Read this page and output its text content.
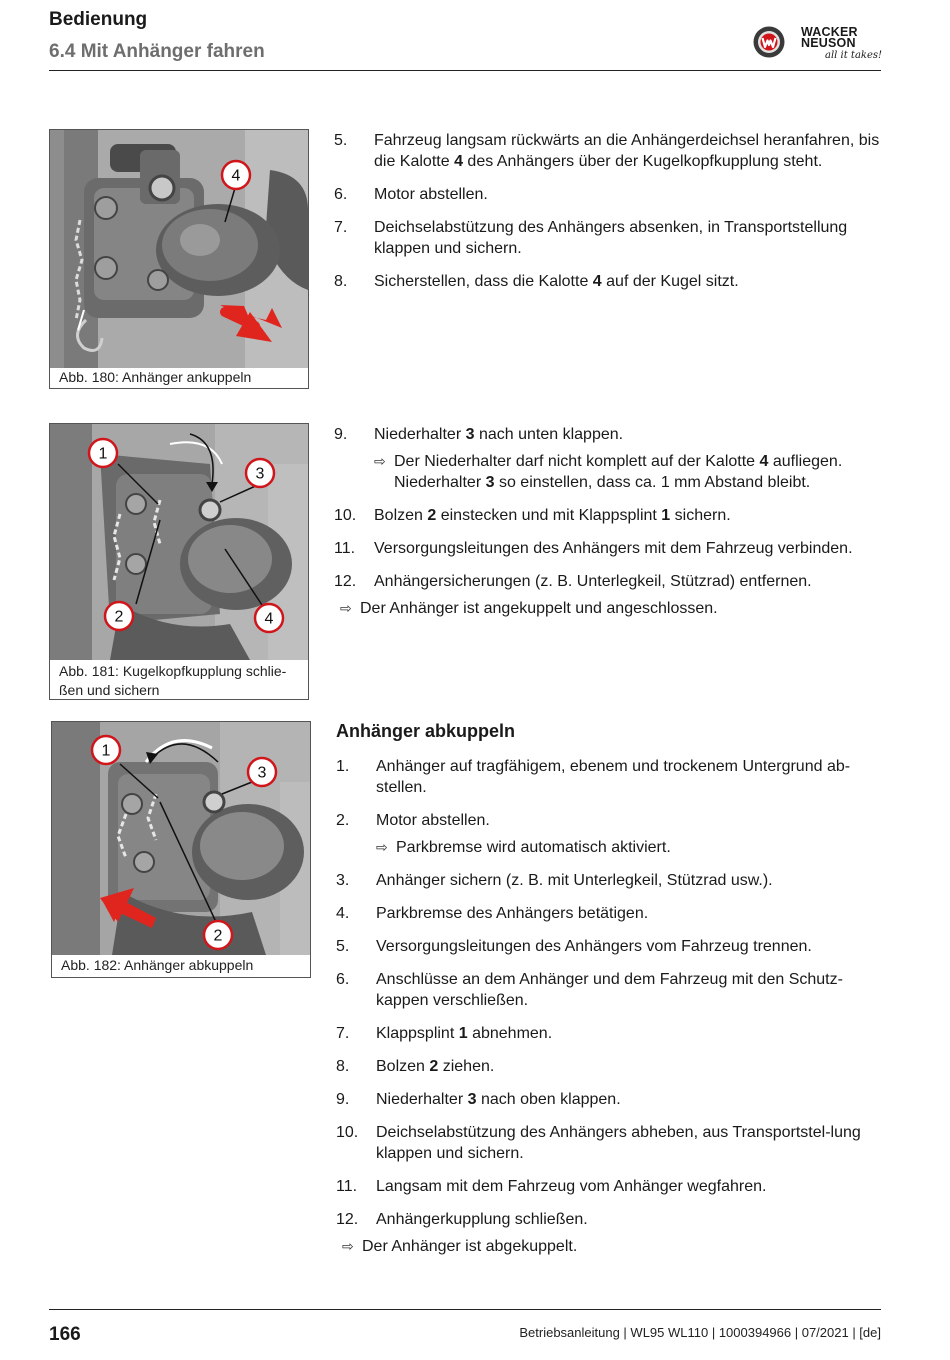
Bedienung
6.4 Mit Anhänger fahren
WACKER
NEUSON
all it takes!
4
Abb. 180: Anhänger ankuppeln
1
3
2	4
Abb. 181: Kugelkopfkupplung schlie-
ßen und sichern
1
3
2
Abb. 182: Anhänger abkuppeln
5. Fahrzeug langsam rückwärts an die Anhängerdeichsel heranfahren, bis die Kalotte 4 des Anhängers über der Kugelkopfkupplung steht.
6. Motor abstellen.
7. Deichselabstützung des Anhängers absenken, in Transportstellung klappen und sichern.
8. Sicherstellen, dass die Kalotte 4 auf der Kugel sitzt.
9. Niederhalter 3 nach unten klappen.
⇨ Der Niederhalter darf nicht komplett auf der Kalotte 4 aufliegen. Niederhalter 3 so einstellen, dass ca. 1 mm Abstand bleibt.
10. Bolzen 2 einstecken und mit Klappsplint 1 sichern.
11. Versorgungsleitungen des Anhängers mit dem Fahrzeug verbinden.
12. Anhängersicherungen (z. B. Unterlegkeil, Stützrad) entfernen.
⇨ Der Anhänger ist angekuppelt und angeschlossen.
Anhänger abkuppeln
1. Anhänger auf tragfähigem, ebenem und trockenem Untergrund ab-stellen.
2. Motor abstellen.
⇨ Parkbremse wird automatisch aktiviert.
3. Anhänger sichern (z. B. mit Unterlegkeil, Stützrad usw.).
4. Parkbremse des Anhängers betätigen.
5. Versorgungsleitungen des Anhängers vom Fahrzeug trennen.
6. Anschlüsse an dem Anhänger und dem Fahrzeug mit den Schutz-kappen verschließen.
7. Klappsplint 1 abnehmen.
8. Bolzen 2 ziehen.
9. Niederhalter 3 nach oben klappen.
10. Deichselabstützung des Anhängers abheben, aus Transportstel-lung klappen und sichern.
11. Langsam mit dem Fahrzeug vom Anhänger wegfahren.
12. Anhängerkupplung schließen.
⇨ Der Anhänger ist abgekuppelt.
166	Betriebsanleitung | WL95 WL110 | 1000394966 | 07/2021 | [de]
